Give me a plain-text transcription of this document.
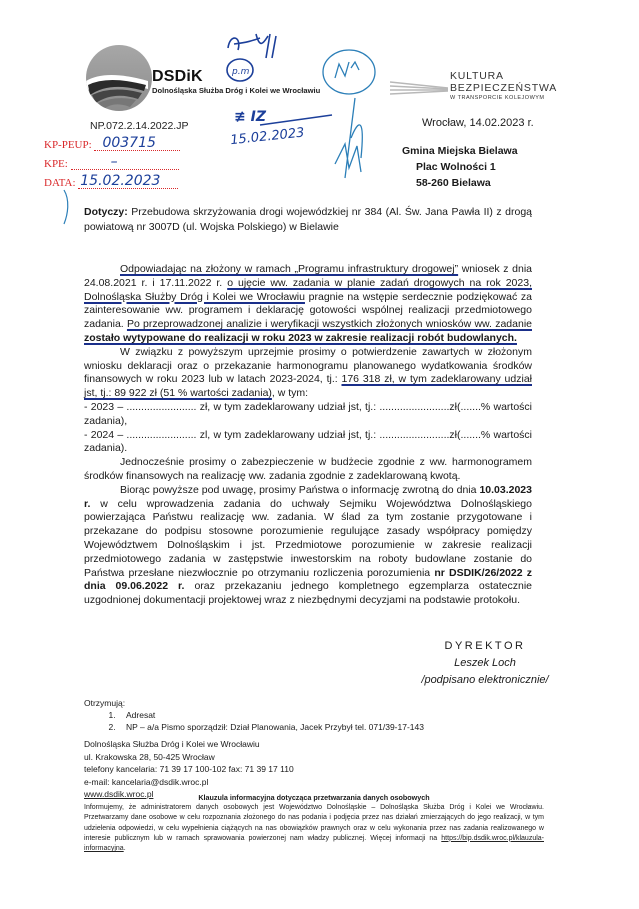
DSDiK
Dolnośląska Służba Dróg i Kolei we Wrocławiu
KULTURA
BEZPIECZEŃSTWA
W TRANSPORCIE KOLEJOWYM
NP.072.2.14.2022.JP
p.m
≢ IZ
15.02.2023
KP-PEUP: 003715
KPE:	–
DATA: 15.02.2023
Wrocław, 14.02.2023 r.
Gmina Miejska Bielawa
Plac Wolności 1
58-260 Bielawa
Dotyczy: Przebudowa skrzyżowania drogi wojewódzkiej nr 384 (Al. Św. Jana Pawła II) z drogą powiatową nr 3007D (ul. Wojska Polskiego) w Bielawie

Odpowiadając na złożony w ramach „Programu infrastruktury drogowej” wniosek z dnia 24.08.2021 r. i 17.11.2022 r. o ujęcie ww. zadania w planie zadań drogowych na rok 2023, Dolnośląska Służby Dróg i Kolei we Wrocławiu pragnie na wstępie serdecznie podziękować za zainteresowanie ww. programem i deklarację gotowości wspólnej realizacji przedmiotowego zadania. Po przeprowadzonej analizie i weryfikacji wszystkich złożonych wniosków ww. zadanie zostało wytypowane do realizacji w roku 2023 w zakresie realizacji robót budowlanych.

W związku z powyższym uprzejmie prosimy o potwierdzenie zawartych w złożonym wniosku deklaracji oraz o przekazanie harmonogramu planowanego wydatkowania środków finansowych w roku 2023 lub w latach 2023-2024, tj.: 176 318 zł, w tym zadeklarowany udział jst, tj.: 89 922 zł (51 % wartości zadania), w tym:

- 2023 – ........................ zł, w tym zadeklarowany udział jst, tj.: ........................zł(.......% wartości zadania),

- 2024 – ........................ zl, w tym zadeklarowany udział jst, tj.: ........................zł(.......% wartości zadania).

Jednocześnie prosimy o zabezpieczenie w budżecie zgodnie z ww. harmonogramem środków finansowych na realizację ww. zadania zgodnie z zadeklarowaną kwotą.

Biorąc powyższe pod uwagę, prosimy Państwa o informację zwrotną do dnia 10.03.2023 r. w celu wprowadzenia zadania do uchwały Sejmiku Województwa Dolnośląskiego powierzająca Państwu realizację ww. zadania. W ślad za tym zostanie przygotowane i przekazane do podpisu stosowne porozumienie regulujące zasady współpracy pomiędzy Województwem Dolnośląskim i jst. Przedmiotowe porozumienie w zakresie realizacji przedmiotowego zadania w zastępstwie inwestorskim na roboty budowlane zostanie do Państwa przesłane niezwłocznie po otrzymaniu rozliczenia porozumienia nr DSDIK/26/2022 z dnia 09.06.2022 r. oraz przekazaniu jednego kompletnego egzemplarza ostatecznie uzgodnionej dokumentacji projektowej wraz z niezbędnymi decyzjami na podstawie protokołu.

DYREKTOR
Leszek Loch
/podpisano elektronicznie/
Otrzymują:
1. Adresat
2. NP – a/a Pismo sporządził: Dział Planowania, Jacek Przybył tel. 071/39-17-143
Dolnośląska Służba Dróg i Kolei we Wrocławiu
ul. Krakowska 28, 50-425 Wrocław
telefony kancelaria: 71 39 17 100-102 fax: 71 39 17 110
e-mail: kancelaria@dsdik.wroc.pl
www.dsdik.wroc.pl	Klauzula informacyjna dotycząca przetwarzania danych osobowych
Informujemy, że administratorem danych osobowych jest Województwo Dolnośląskie – Dolnośląska Służba Dróg i Kolei we Wrocławiu. Przetwarzamy dane osobowe w celu rozpoznania złożonego do nas podania i podjęcia przez nas działań zmierzających do jego realizacji, w tym udzielenia odpowiedzi, w celu wypełnienia ciążących na nas obowiązków prawnych oraz w celu wykonania przez nas zadania realizowanego w interesie publicznym lub w ramach sprawowania powierzonej nam władzy publicznej. Więcej informacji na https://bip.dsdik.wroc.pl/klauzula-informacyjna.
